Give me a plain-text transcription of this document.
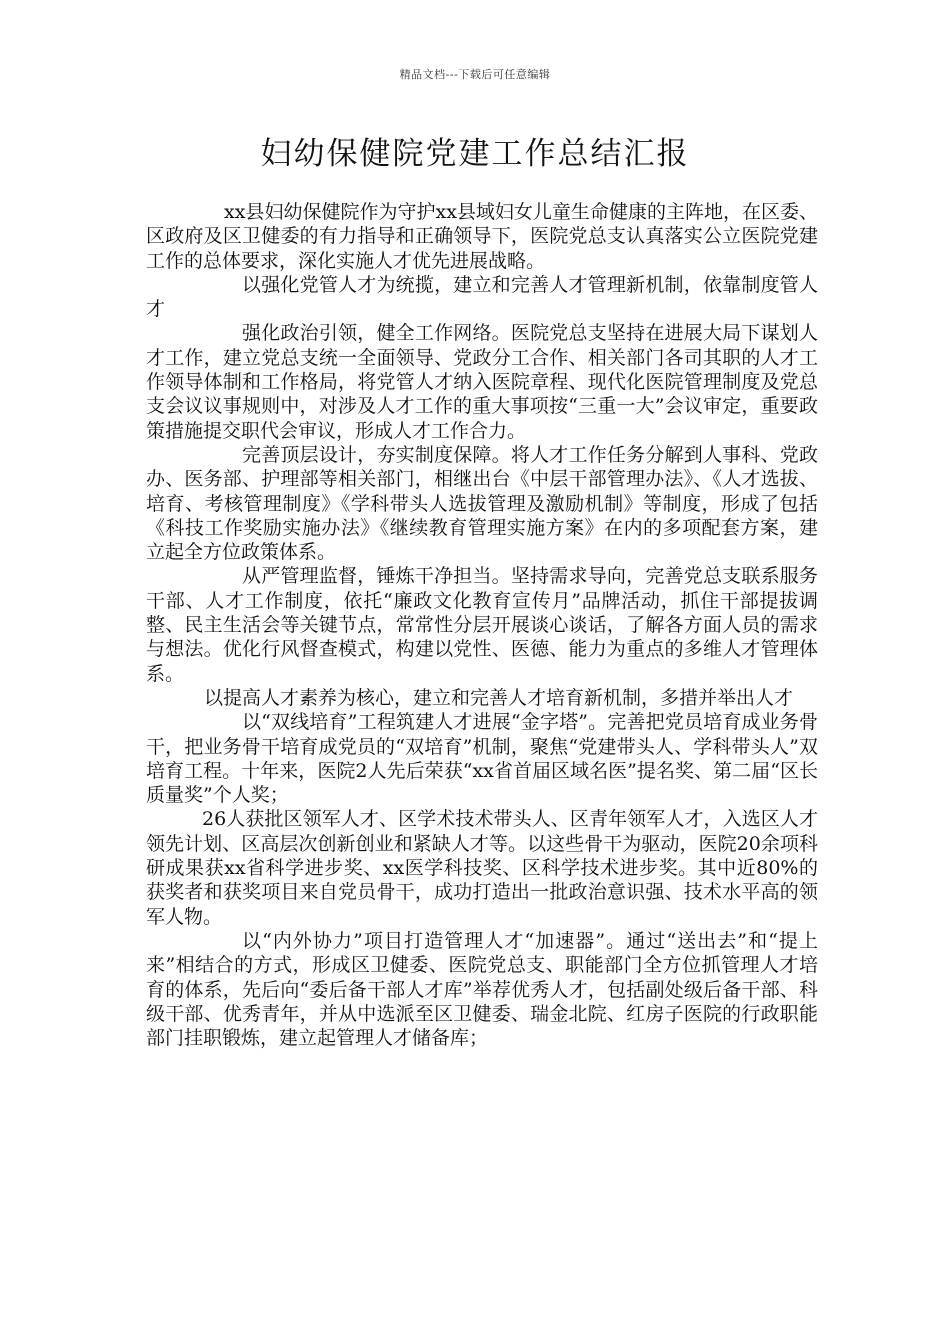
精品文档---下载后可任意编辑
妇幼保健院党建工作总结汇报

xx县妇幼保健院作为守护xx县域妇女儿童生命健康的主阵地，在区委、区政府及区卫健委的有力指导和正确领导下，医院党总支认真落实公立医院党建工作的总体要求，深化实施人才优先进展战略。

以强化党管人才为统揽，建立和完善人才管理新机制，依靠制度管人才

强化政治引领，健全工作网络。医院党总支坚持在进展大局下谋划人才工作，建立党总支统一全面领导、党政分工合作、相关部门各司其职的人才工作领导体制和工作格局，将党管人才纳入医院章程、现代化医院管理制度及党总支会议议事规则中，对涉及人才工作的重大事项按“三重一大”会议审定，重要政策措施提交职代会审议，形成人才工作合力。

完善顶层设计，夯实制度保障。将人才工作任务分解到人事科、党政办、医务部、护理部等相关部门，相继出台《中层干部管理办法》、《人才选拔、培育、考核管理制度》《学科带头人选拔管理及激励机制》等制度，形成了包括《科技工作奖励实施办法》《继续教育管理实施方案》在内的多项配套方案，建立起全方位政策体系。

从严管理监督，锤炼干净担当。坚持需求导向，完善党总支联系服务干部、人才工作制度，依托“廉政文化教育宣传月”品牌活动，抓住干部提拔调整、民主生活会等关键节点，常常性分层开展谈心谈话，了解各方面人员的需求与想法。优化行风督查模式，构建以党性、医德、能力为重点的多维人才管理体系。

以提高人才素养为核心，建立和完善人才培育新机制，多措并举出人才

以“双线培育”工程筑建人才进展“金字塔”。完善把党员培育成业务骨干，把业务骨干培育成党员的“双培育”机制，聚焦“党建带头人、学科带头人”双培育工程。十年来，医院2人先后荣获“xx省首届区域名医”提名奖、第二届“区长质量奖”个人奖；

26人获批区领军人才、区学术技术带头人、区青年领军人才，入选区人才领先计划、区高层次创新创业和紧缺人才等。以这些骨干为驱动，医院20余项科研成果获xx省科学进步奖、xx医学科技奖、区科学技术进步奖。其中近80%的获奖者和获奖项目来自党员骨干，成功打造出一批政治意识强、技术水平高的领军人物。

以“内外协力”项目打造管理人才“加速器”。通过“送出去”和“提上来”相结合的方式，形成区卫健委、医院党总支、职能部门全方位抓管理人才培育的体系，先后向“委后备干部人才库”举荐优秀人才，包括副处级后备干部、科级干部、优秀青年，并从中选派至区卫健委、瑞金北院、红房子医院的行政职能部门挂职锻炼，建立起管理人才储备库；
